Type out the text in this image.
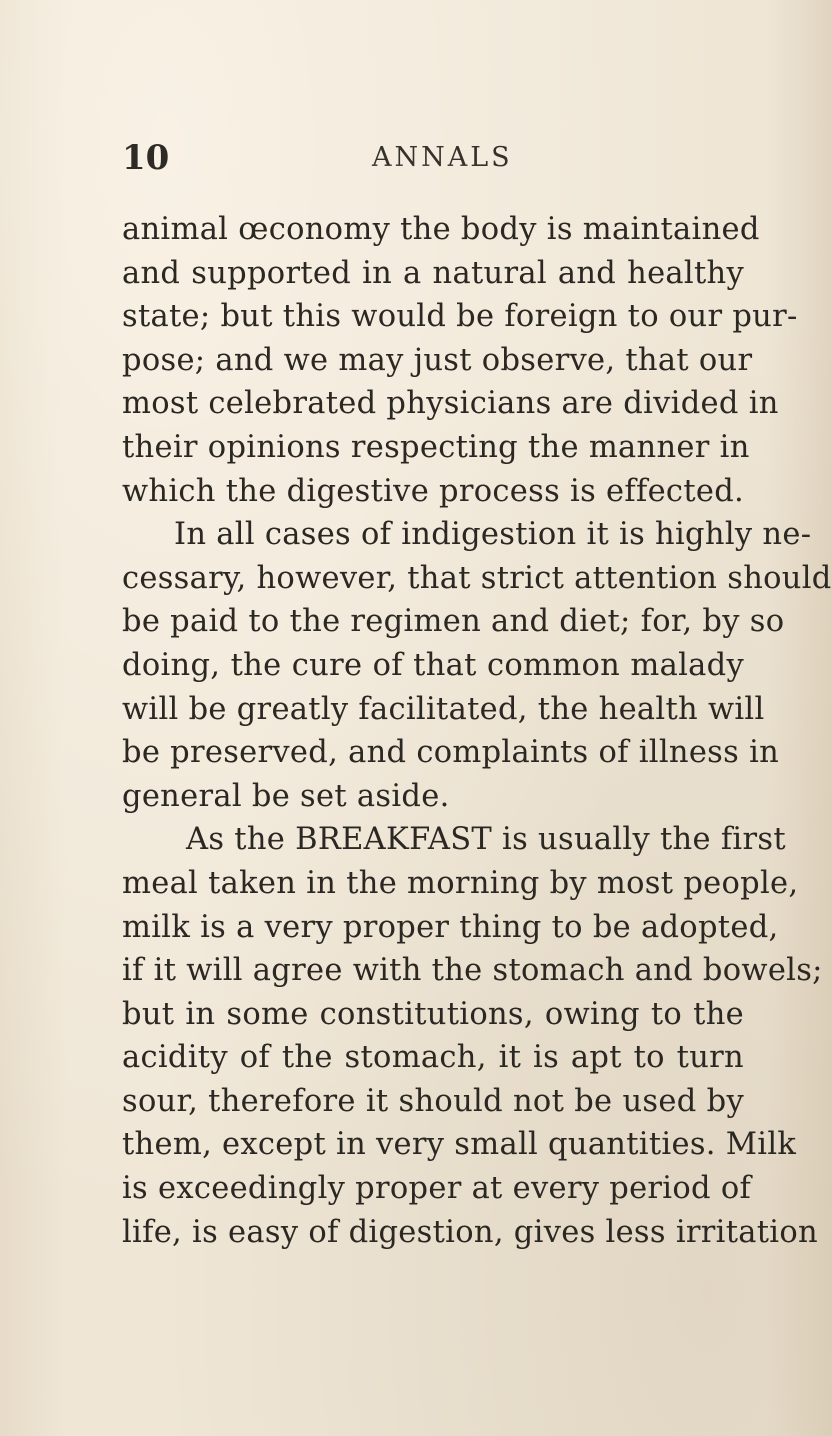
10	ANNALS
animal œconomy the body is maintained
and supported in a natural and healthy
state; but this would be foreign to our pur-
pose; and we may just observe, that our
most celebrated physicians are divided in
their opinions respecting the manner in
which the digestive process is effected.
In all cases of indigestion it is highly ne-
cessary, however, that strict attention should
be paid to the regimen and diet; for, by so
doing, the cure of that common malady
will be greatly facilitated, the health will
be preserved, and complaints of illness in
general be set aside.
As the BREAKFAST is usually the first
meal taken in the morning by most people,
milk is a very proper thing to be adopted,
if it will agree with the stomach and bowels;
but in some constitutions, owing to the
acidity of the stomach, it is apt to turn
sour, therefore it should not be used by
them, except in very small quantities. Milk
is exceedingly proper at every period of
life, is easy of digestion, gives less irritation
